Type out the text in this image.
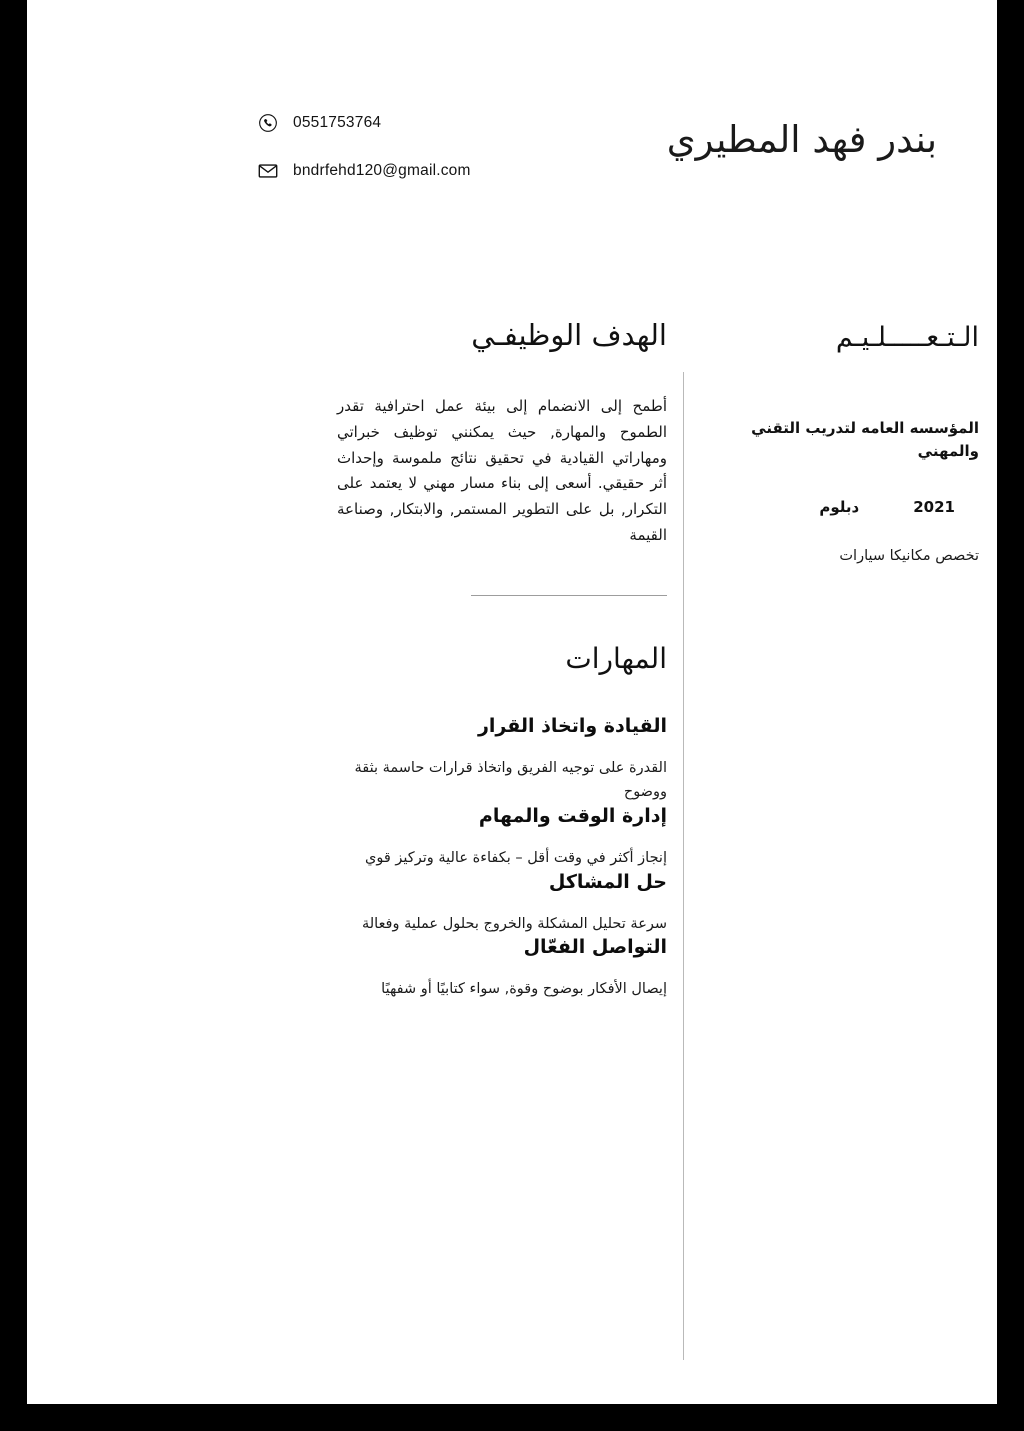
بندر فهد المطيري
0551753764
bndrfehd120@gmail.com
الـتـعـــــلـيـم
المؤسسه العامه لتدريب التقني والمهني
2021
دبلوم
تخصص مكانيكا سيارات
الهدف الوظيفـي
أطمح إلى الانضمام إلى بيئة عمل احترافية تقدر الطموح والمهارة, حيث يمكنني توظيف خبراتي ومهاراتي القيادية في تحقيق نتائج ملموسة وإحداث أثر حقيقي. أسعى إلى بناء مسار مهني لا يعتمد على التكرار, بل على التطوير المستمر, والابتكار, وصناعة القيمة
المهارات
القيادة واتخاذ القرار
القدرة على توجيه الفريق واتخاذ قرارات حاسمة بثقة ووضوح
إدارة الوقت والمهام
إنجاز أكثر في وقت أقل – بكفاءة عالية وتركيز قوي
حل المشاكل
سرعة تحليل المشكلة والخروج بحلول عملية وفعالة
التواصل الفعّال
إيصال الأفكار بوضوح وقوة, سواء كتابيًا أو شفهيًا
